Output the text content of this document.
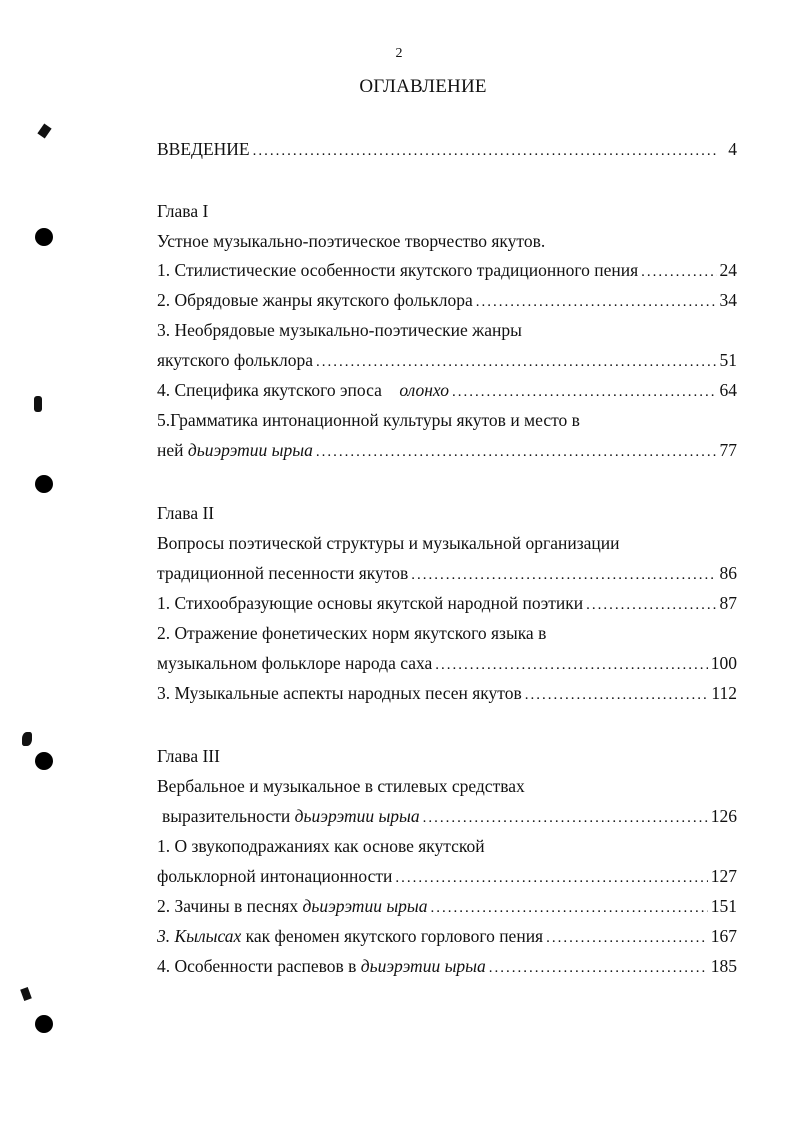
2
ОГЛАВЛЕНИЕ
ВВЕДЕНИЕ .....	4
Глава I
Устное музыкально-поэтическое творчество якутов.
1. Стилистические особенности якутского традиционного пения .....	24
2. Обрядовые жанры якутского фольклора .....	34
3. Необрядовые музыкально-поэтические жанры
якутского фольклора .....	51
4. Специфика якутского эпоса олонхо .....	64
5.Грамматика интонационной культуры якутов и место в
ней дьиэрэтии ырыа .....	77
Глава II
Вопросы поэтической структуры и музыкальной организации
традиционной песенности якутов .....	86
1. Стихообразующие основы якутской народной поэтики .....	87
2. Отражение фонетических норм якутского языка в
музыкальном фольклоре народа саха .....	100
3. Музыкальные аспекты народных песен якутов .....	112
Глава III
Вербальное и музыкальное в стилевых средствах
выразительности дьиэрэтии ырыа .....	126
1. О звукоподражаниях как основе якутской
фольклорной интонационности .....	127
2. Зачины в песнях дьиэрэтии ырыа .....	151
3. Кылысах как феномен якутского горлового пения .....	167
4. Особенности распевов в дьиэрэтии ырыа .....	185
